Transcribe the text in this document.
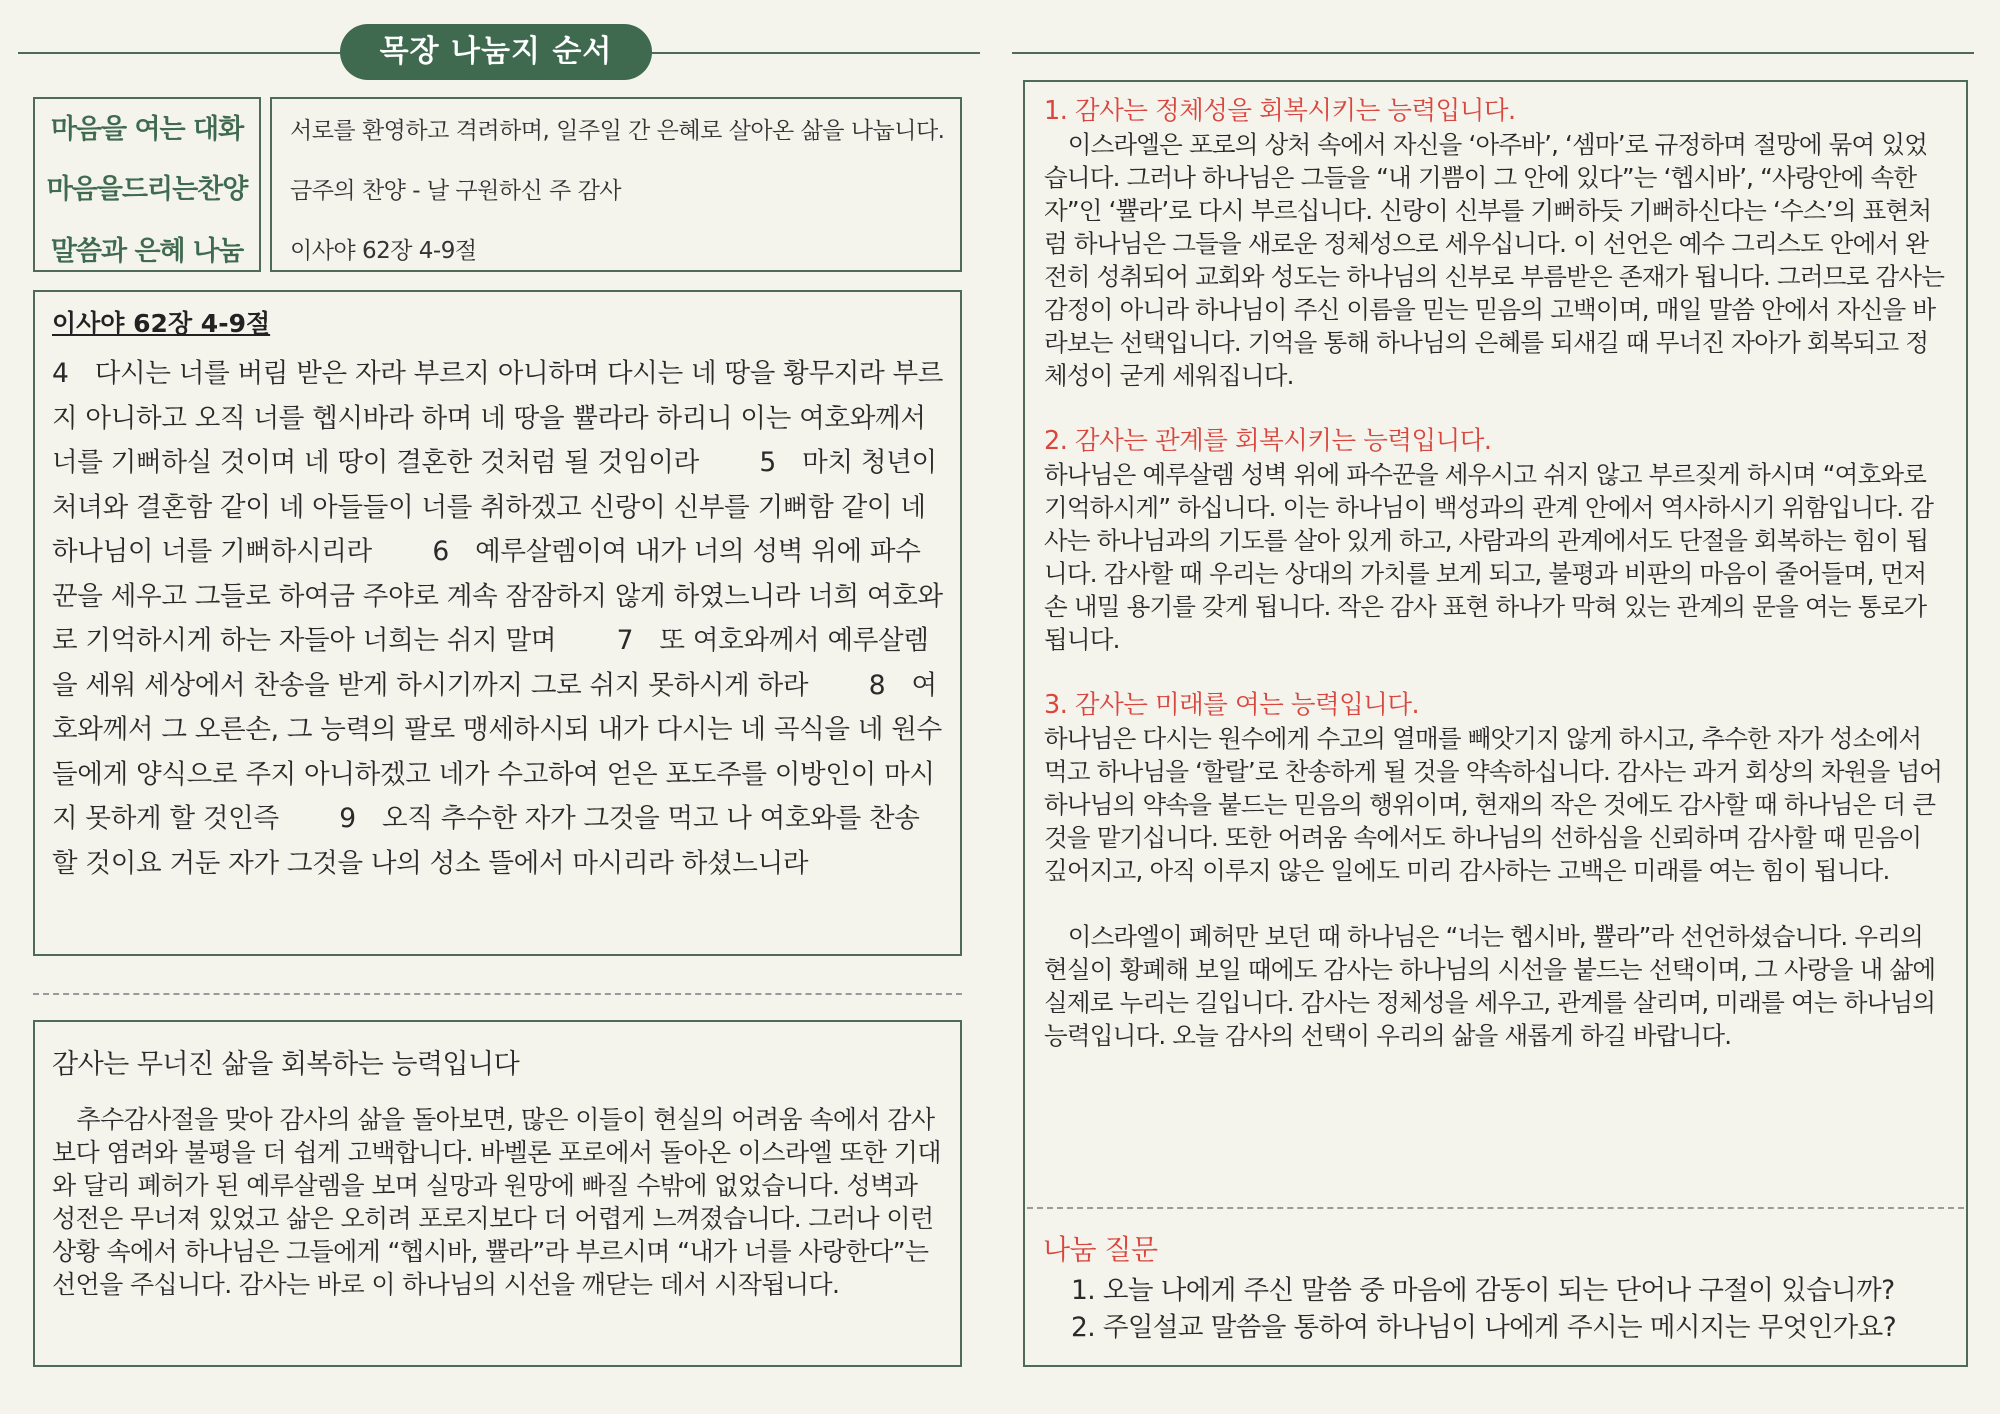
목장 나눔지 순서
마음을 여는 대화
마음을드리는찬양
말씀과 은혜 나눔
서로를 환영하고 격려하며, 일주일 간 은혜로 살아온 삶을 나눕니다.
금주의 찬양 - 날 구원하신 주 감사
이사야 62장 4-9절
이사야 62장 4-9절
4　다시는 너를 버림 받은 자라 부르지 아니하며 다시는 네 땅을 황무지라 부르지 아니하고 오직 너를 헵시바라 하며 네 땅을 쁄라라 하리니 이는 여호와께서 너를 기뻐하실 것이며 네 땅이 결혼한 것처럼 될 것임이라　　 5　마치 청년이 처녀와 결혼함 같이 네 아들들이 너를 취하겠고 신랑이 신부를 기뻐함 같이 네 하나님이 너를 기뻐하시리라　　 6　예루살렘이여 내가 너의 성벽 위에 파수꾼을 세우고 그들로 하여금 주야로 계속 잠잠하지 않게 하였느니라 너희 여호와로 기억하시게 하는 자들아 너희는 쉬지 말며　　 7　또 여호와께서 예루살렘을 세워 세상에서 찬송을 받게 하시기까지 그로 쉬지 못하시게 하라　　 8　여호와께서 그 오른손, 그 능력의 팔로 맹세하시되 내가 다시는 네 곡식을 네 원수들에게 양식으로 주지 아니하겠고 네가 수고하여 얻은 포도주를 이방인이 마시지 못하게 할 것인즉　　 9　오직 추수한 자가 그것을 먹고 나 여호와를 찬송할 것이요 거둔 자가 그것을 나의 성소 뜰에서 마시리라 하셨느니라
감사는 무너진 삶을 회복하는 능력입니다
　추수감사절을 맞아 감사의 삶을 돌아보면, 많은 이들이 현실의 어려움 속에서 감사보다 염려와 불평을 더 쉽게 고백합니다. 바벨론 포로에서 돌아온 이스라엘 또한 기대와 달리 폐허가 된 예루살렘을 보며 실망과 원망에 빠질 수밖에 없었습니다. 성벽과 성전은 무너져 있었고 삶은 오히려 포로지보다 더 어렵게 느껴졌습니다. 그러나 이런 상황 속에서 하나님은 그들에게 “헵시바, 쁄라”라 부르시며 “내가 너를 사랑한다”는 선언을 주십니다. 감사는 바로 이 하나님의 시선을 깨닫는 데서 시작됩니다.
1. 감사는 정체성을 회복시키는 능력입니다.
　이스라엘은 포로의 상처 속에서 자신을 ‘아주바’, ‘셈마’로 규정하며 절망에 묶여 있었습니다. 그러나 하나님은 그들을 “내 기쁨이 그 안에 있다”는 ‘헵시바’, “사랑안에 속한 자”인 ‘쁄라’로 다시 부르십니다. 신랑이 신부를 기뻐하듯 기뻐하신다는 ‘수스’의 표현처럼 하나님은 그들을 새로운 정체성으로 세우십니다. 이 선언은 예수 그리스도 안에서 완전히 성취되어 교회와 성도는 하나님의 신부로 부름받은 존재가 됩니다. 그러므로 감사는 감정이 아니라 하나님이 주신 이름을 믿는 믿음의 고백이며, 매일 말씀 안에서 자신을 바라보는 선택입니다. 기억을 통해 하나님의 은혜를 되새길 때 무너진 자아가 회복되고 정체성이 굳게 세워집니다.
2. 감사는 관계를 회복시키는 능력입니다.
하나님은 예루살렘 성벽 위에 파수꾼을 세우시고 쉬지 않고 부르짖게 하시며 “여호와로 기억하시게” 하십니다. 이는 하나님이 백성과의 관계 안에서 역사하시기 위함입니다. 감사는 하나님과의 기도를 살아 있게 하고, 사람과의 관계에서도 단절을 회복하는 힘이 됩니다. 감사할 때 우리는 상대의 가치를 보게 되고, 불평과 비판의 마음이 줄어들며, 먼저 손 내밀 용기를 갖게 됩니다. 작은 감사 표현 하나가 막혀 있는 관계의 문을 여는 통로가 됩니다.
3. 감사는 미래를 여는 능력입니다.
하나님은 다시는 원수에게 수고의 열매를 빼앗기지 않게 하시고, 추수한 자가 성소에서 먹고 하나님을 ‘할랄’로 찬송하게 될 것을 약속하십니다. 감사는 과거 회상의 차원을 넘어 하나님의 약속을 붙드는 믿음의 행위이며, 현재의 작은 것에도 감사할 때 하나님은 더 큰 것을 맡기십니다. 또한 어려움 속에서도 하나님의 선하심을 신뢰하며 감사할 때 믿음이 깊어지고, 아직 이루지 않은 일에도 미리 감사하는 고백은 미래를 여는 힘이 됩니다.
　이스라엘이 폐허만 보던 때 하나님은 “너는 헵시바, 쁄라”라 선언하셨습니다. 우리의 현실이 황폐해 보일 때에도 감사는 하나님의 시선을 붙드는 선택이며, 그 사랑을 내 삶에 실제로 누리는 길입니다. 감사는 정체성을 세우고, 관계를 살리며, 미래를 여는 하나님의 능력입니다. 오늘 감사의 선택이 우리의 삶을 새롭게 하길 바랍니다.
나눔 질문
1. 오늘 나에게 주신 말씀 중 마음에 감동이 되는 단어나 구절이 있습니까?
2. 주일설교 말씀을 통하여 하나님이 나에게 주시는 메시지는 무엇인가요?
